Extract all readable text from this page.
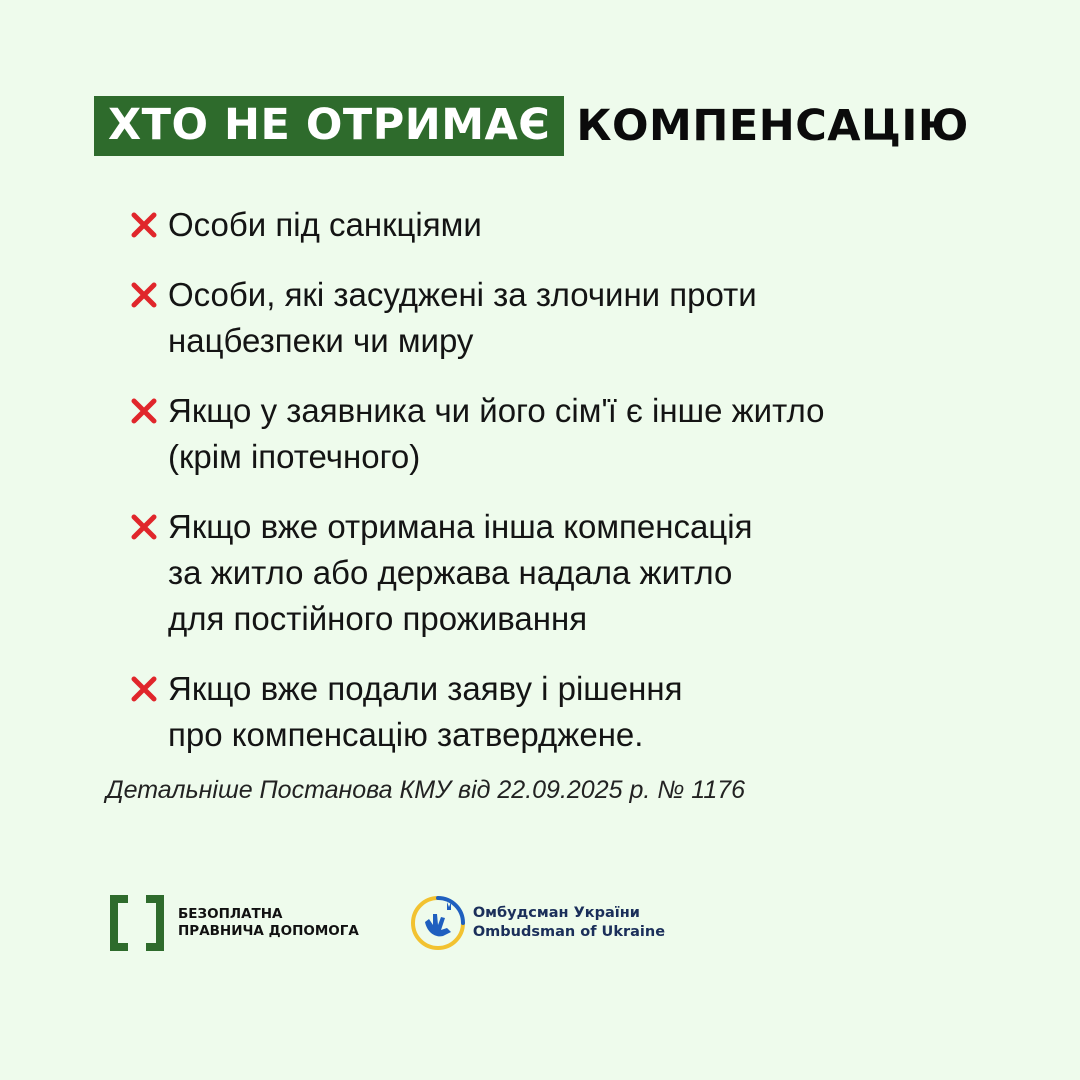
ХТО НЕ ОТРИМАЄ КОМПЕНСАЦІЮ
Особи під санкціями
Особи, які засуджені за злочини проти
нацбезпеки чи миру
Якщо у заявника чи його сім'ї є інше житло
(крім іпотечного)
Якщо вже отримана інша компенсація
за житло або держава надала житло
для постійного проживання
Якщо вже подали заяву і рішення
про компенсацію затверджене.
Детальніше Постанова КМУ від 22.09.2025 р. № 1176
БЕЗОПЛАТНА
ПРАВНИЧА ДОПОМОГА
Омбудсман України
Ombudsman of Ukraine
